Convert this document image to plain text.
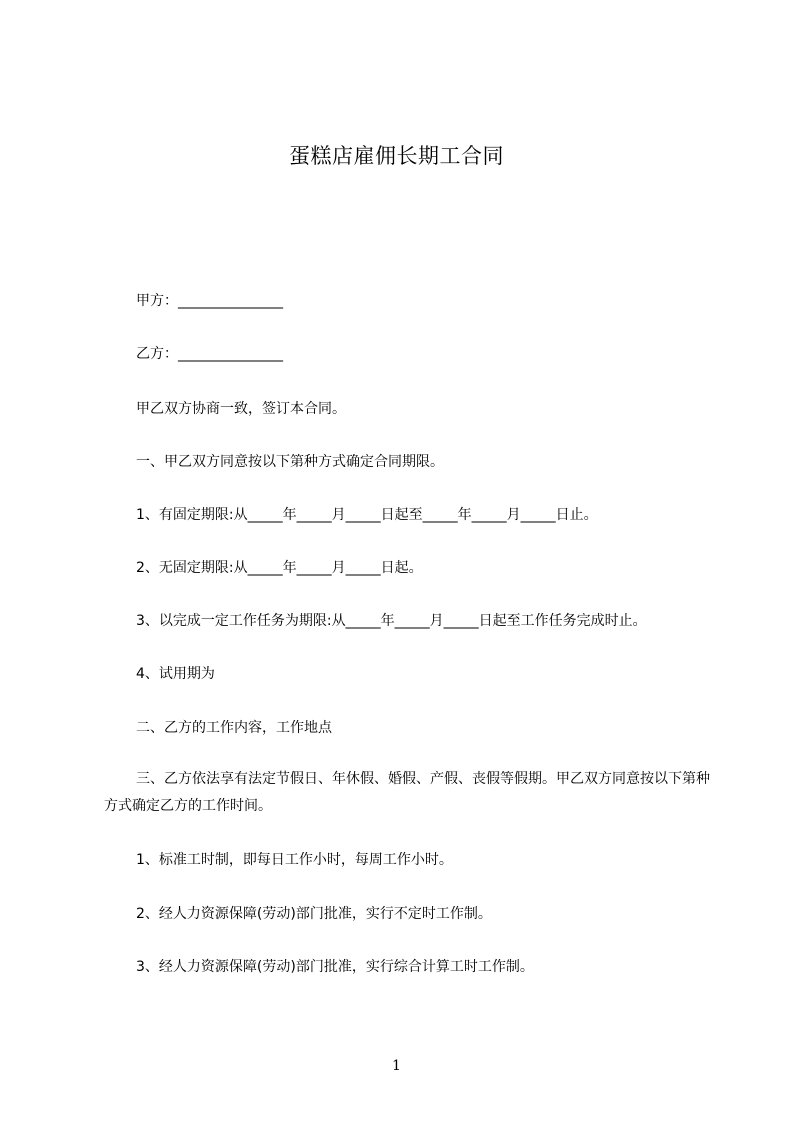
蛋糕店雇佣长期工合同
甲方：_______________
乙方：_______________
甲乙双方协商一致，签订本合同。
一、甲乙双方同意按以下第种方式确定合同期限。
1、有固定期限:从_____年_____月_____日起至_____年_____月_____日止。
2、无固定期限:从_____年_____月_____日起。
3、以完成一定工作任务为期限:从_____年_____月_____日起至工作任务完成时止。
4、试用期为
二、乙方的工作内容，工作地点
三、乙方依法享有法定节假日、年休假、婚假、产假、丧假等假期。甲乙双方同意按以下第种方式确定乙方的工作时间。
1、标准工时制，即每日工作小时，每周工作小时。
2、经人力资源保障(劳动)部门批准，实行不定时工作制。
3、经人力资源保障(劳动)部门批准，实行综合计算工时工作制。
1
